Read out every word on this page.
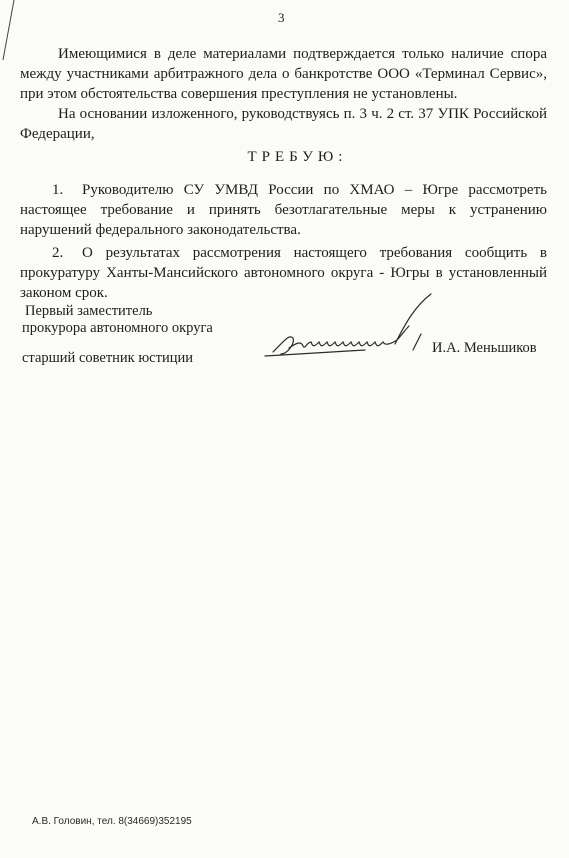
3

Имеющимися в деле материалами подтверждается только наличие спора между участниками арбитражного дела о банкротстве ООО «Терминал Сервис», при этом обстоятельства совершения преступления не установлены.

На основании изложенного, руководствуясь п. 3 ч. 2 ст. 37 УПК Российской Федерации,

ТРЕБУЮ:

1. Руководителю СУ УМВД России по ХМАО – Югре рассмотреть настоящее требование и принять безотлагательные меры к устранению нарушений федерального законодательства.

2. О результатах рассмотрения настоящего требования сообщить в прокуратуру Ханты-Мансийского автономного округа - Югры в установленный законом срок.

Первый заместитель
прокурора автономного округа
старший советник юстиции
И.А. Меньшиков
А.В. Головин, тел. 8(34669)352195
